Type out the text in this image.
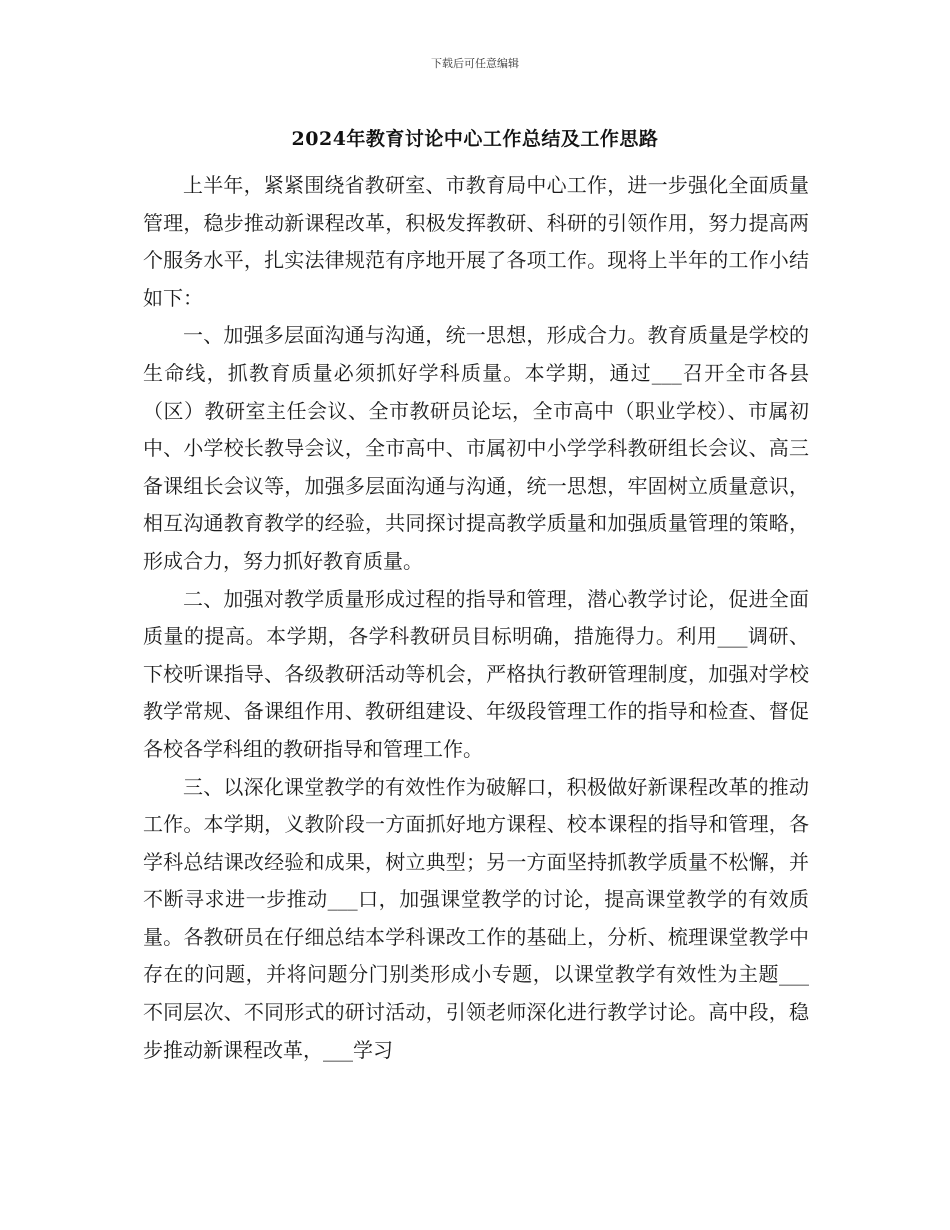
下载后可任意编辑
2024年教育讨论中心工作总结及工作思路

上半年，紧紧围绕省教研室、市教育局中心工作，进一步强化全面质量管理，稳步推动新课程改革，积极发挥教研、科研的引领作用，努力提高两个服务水平，扎实法律规范有序地开展了各项工作。现将上半年的工作小结如下：

一、加强多层面沟通与沟通，统一思想，形成合力。教育质量是学校的生命线，抓教育质量必须抓好学科质量。本学期，通过___召开全市各县（区）教研室主任会议、全市教研员论坛，全市高中（职业学校）、市属初中、小学校长教导会议，全市高中、市属初中小学学科教研组长会议、高三备课组长会议等，加强多层面沟通与沟通，统一思想，牢固树立质量意识，相互沟通教育教学的经验，共同探讨提高教学质量和加强质量管理的策略，形成合力，努力抓好教育质量。

二、加强对教学质量形成过程的指导和管理，潜心教学讨论，促进全面质量的提高。本学期，各学科教研员目标明确，措施得力。利用___调研、下校听课指导、各级教研活动等机会，严格执行教研管理制度，加强对学校教学常规、备课组作用、教研组建设、年级段管理工作的指导和检查、督促各校各学科组的教研指导和管理工作。

三、以深化课堂教学的有效性作为破解口，积极做好新课程改革的推动工作。本学期，义教阶段一方面抓好地方课程、校本课程的指导和管理，各学科总结课改经验和成果，树立典型；另一方面坚持抓教学质量不松懈，并不断寻求进一步推动___口，加强课堂教学的讨论，提高课堂教学的有效质量。各教研员在仔细总结本学科课改工作的基础上，分析、梳理课堂教学中存在的问题，并将问题分门别类形成小专题，以课堂教学有效性为主题___不同层次、不同形式的研讨活动，引领老师深化进行教学讨论。高中段，稳步推动新课程改革，___学习
